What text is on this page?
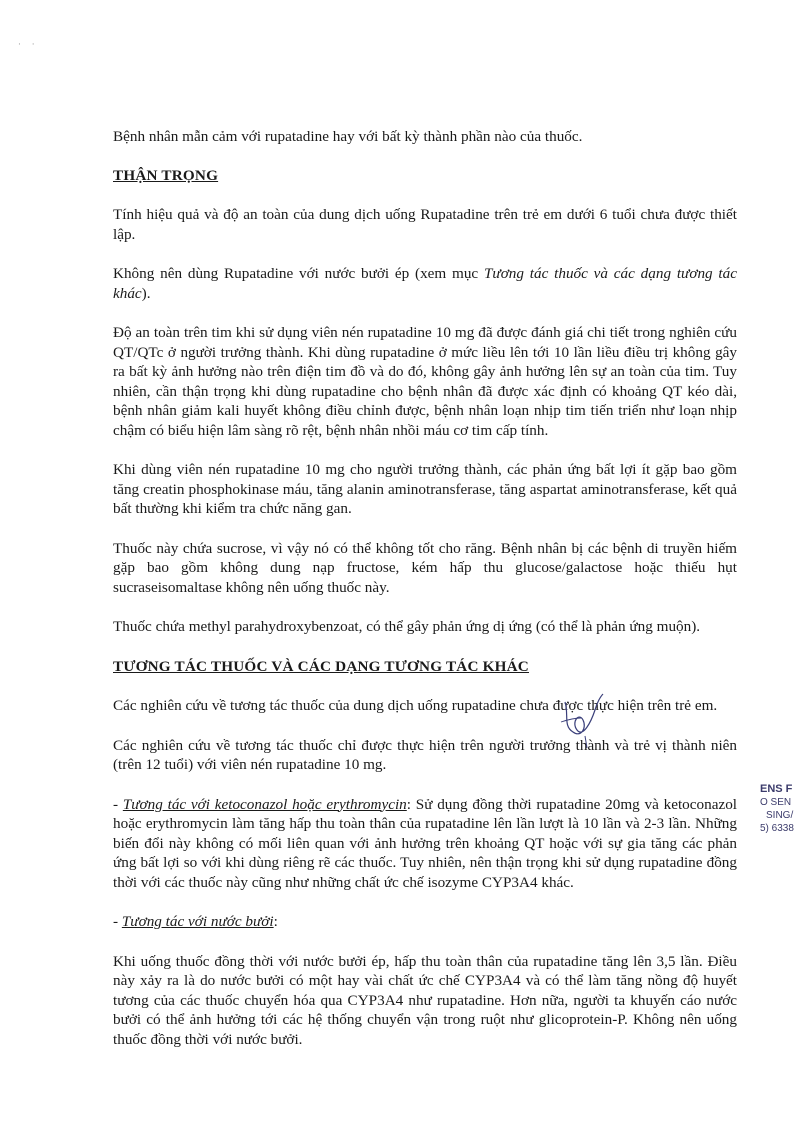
· ·

Bệnh nhân mẫn cảm với rupatadine hay với bất kỳ thành phần nào của thuốc.

THẬN TRỌNG

Tính hiệu quả và độ an toàn của dung dịch uống Rupatadine trên trẻ em dưới 6 tuổi chưa được thiết lập.

Không nên dùng Rupatadine với nước bưởi ép (xem mục Tương tác thuốc và các dạng tương tác khác).

Độ an toàn trên tim khi sử dụng viên nén rupatadine 10 mg đã được đánh giá chi tiết trong nghiên cứu QT/QTc ở người trưởng thành. Khi dùng rupatadine ở mức liều lên tới 10 lần liều điều trị không gây ra bất kỳ ảnh hưởng nào trên điện tim đồ và do đó, không gây ảnh hưởng lên sự an toàn của tim. Tuy nhiên, cần thận trọng khi dùng rupatadine cho bệnh nhân đã được xác định có khoảng QT kéo dài, bệnh nhân giảm kali huyết không điều chỉnh được, bệnh nhân loạn nhịp tim tiến triển như loạn nhịp chậm có biểu hiện lâm sàng rõ rệt, bệnh nhân nhồi máu cơ tim cấp tính.

Khi dùng viên nén rupatadine 10 mg cho người trưởng thành, các phản ứng bất lợi ít gặp bao gồm tăng creatin phosphokinase máu, tăng alanin aminotransferase, tăng aspartat aminotransferase, kết quả bất thường khi kiểm tra chức năng gan.

Thuốc này chứa sucrose, vì vậy nó có thể không tốt cho răng. Bệnh nhân bị các bệnh di truyền hiếm gặp bao gồm không dung nạp fructose, kém hấp thu glucose/galactose hoặc thiếu hụt sucraseisomaltase không nên uống thuốc này.

Thuốc chứa methyl parahydroxybenzoat, có thể gây phản ứng dị ứng (có thể là phản ứng muộn).

TƯƠNG TÁC THUỐC VÀ CÁC DẠNG TƯƠNG TÁC KHÁC

Các nghiên cứu về tương tác thuốc của dung dịch uống rupatadine chưa được thực hiện trên trẻ em.

Các nghiên cứu về tương tác thuốc chỉ được thực hiện trên người trưởng thành và trẻ vị thành niên (trên 12 tuổi) với viên nén rupatadine 10 mg.

- Tương tác với ketoconazol hoặc erythromycin: Sử dụng đồng thời rupatadine 20mg và ketoconazol hoặc erythromycin làm tăng hấp thu toàn thân của rupatadine lên lần lượt là 10 lần và 2-3 lần. Những biến đổi này không có mối liên quan với ảnh hưởng trên khoảng QT hoặc với sự gia tăng các phản ứng bất lợi so với khi dùng riêng rẽ các thuốc. Tuy nhiên, nên thận trọng khi sử dụng rupatadine đồng thời với các thuốc này cũng như những chất ức chế isozyme CYP3A4 khác.

- Tương tác với nước bưởi:

Khi uống thuốc đồng thời với nước bưởi ép, hấp thu toàn thân của rupatadine tăng lên 3,5 lần. Điều này xảy ra là do nước bưởi có một hay vài chất ức chế CYP3A4 và có thể làm tăng nồng độ huyết tương của các thuốc chuyển hóa qua CYP3A4 như rupatadine. Hơn nữa, người ta khuyến cáo nước bưởi có thể ảnh hưởng tới các hệ thống chuyển vận trong ruột như glicoprotein-P. Không nên uống thuốc đồng thời với nước bưởi.

ENS F
O SEN
SING/
5) 6338
